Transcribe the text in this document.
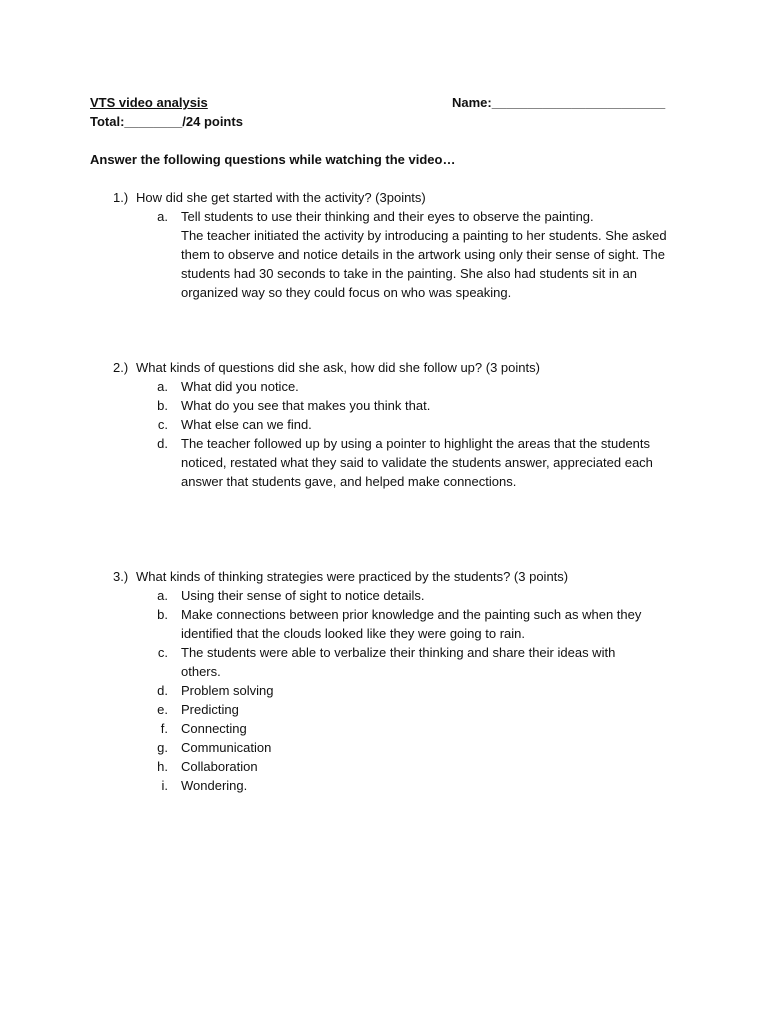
VTS video analysis	Name:________________________
Total:________/24 points
Answer the following questions while watching the video…
1.) How did she get started with the activity? (3points)
a. Tell students to use their thinking and their eyes to observe the painting.
The teacher initiated the activity by introducing a painting to her students. She asked them to observe and notice details in the artwork using only their sense of sight. The students had 30 seconds to take in the painting. She also had students sit in an organized way so they could focus on who was speaking.
2.) What kinds of questions did she ask, how did she follow up? (3 points)
a. What did you notice.
b. What do you see that makes you think that.
c. What else can we find.
d. The teacher followed up by using a pointer to highlight the areas that the students noticed, restated what they said to validate the students answer, appreciated each answer that students gave, and helped make connections.
3.) What kinds of thinking strategies were practiced by the students? (3 points)
a. Using their sense of sight to notice details.
b. Make connections between prior knowledge and the painting such as when they identified that the clouds looked like they were going to rain.
c. The students were able to verbalize their thinking and share their ideas with others.
d. Problem solving
e. Predicting
f. Connecting
g. Communication
h. Collaboration
i. Wondering.
